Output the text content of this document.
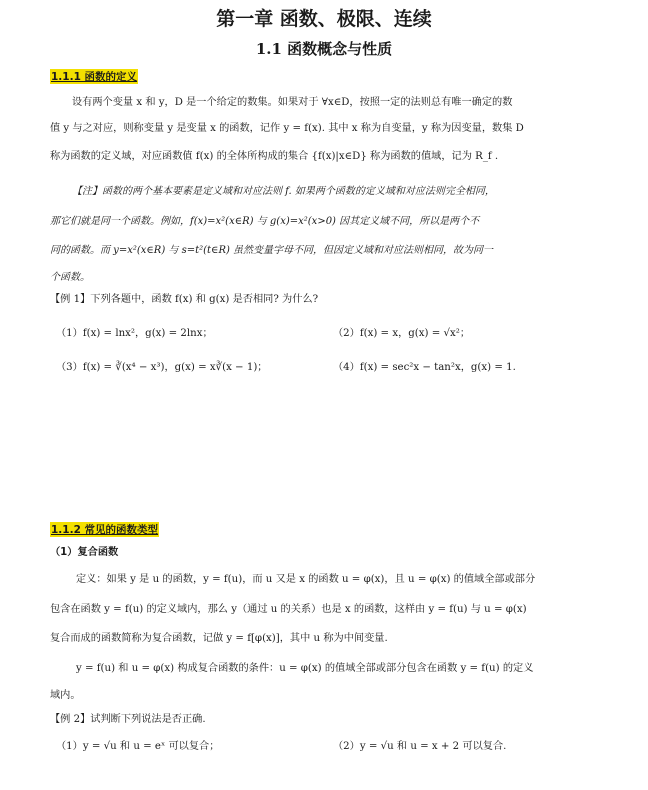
第一章 函数、极限、连续
1.1 函数概念与性质
1.1.1 函数的定义
设有两个变量 x 和 y，D 是一个给定的数集。如果对于 ∀x∈D，按照一定的法则总有唯一确定的数
值 y 与之对应，则称变量 y 是变量 x 的函数，记作 y = f(x). 其中 x 称为自变量，y 称为因变量，数集 D
称为函数的定义域，对应函数值 f(x) 的全体所构成的集合 {f(x)|x∈D} 称为函数的值域，记为 R_f .
【注】函数的两个基本要素是定义域和对应法则 f. 如果两个函数的定义域和对应法则完全相同，
那它们就是同一个函数。例如，f(x)=x²(x∈R) 与 g(x)=x²(x>0) 因其定义域不同，所以是两个不
同的函数。而 y=x²(x∈R) 与 s=t²(t∈R) 虽然变量字母不同，但因定义域和对应法则相同，故为同一
个函数。
【例 1】下列各题中，函数 f(x) 和 g(x) 是否相同? 为什么?
（1）f(x) = lnx²，g(x) = 2lnx；	（2）f(x) = x，g(x) = √x²；
（3）f(x) = ∛(x⁴ − x³)，g(x) = x∛(x − 1)；	（4）f(x) = sec²x − tan²x，g(x) = 1.
1.1.2 常见的函数类型
（1）复合函数
定义：如果 y 是 u 的函数，y = f(u)，而 u 又是 x 的函数 u = φ(x)，且 u = φ(x) 的值域全部或部分
包含在函数 y = f(u) 的定义域内，那么 y（通过 u 的关系）也是 x 的函数，这样由 y = f(u) 与 u = φ(x)
复合而成的函数简称为复合函数，记做 y = f[φ(x)]，其中 u 称为中间变量.
y = f(u) 和 u = φ(x) 构成复合函数的条件：u = φ(x) 的值域全部或部分包含在函数 y = f(u) 的定义
域内。
【例 2】试判断下列说法是否正确.
（1）y = √u 和 u = eˣ 可以复合；	（2）y = √u 和 u = x + 2 可以复合.
